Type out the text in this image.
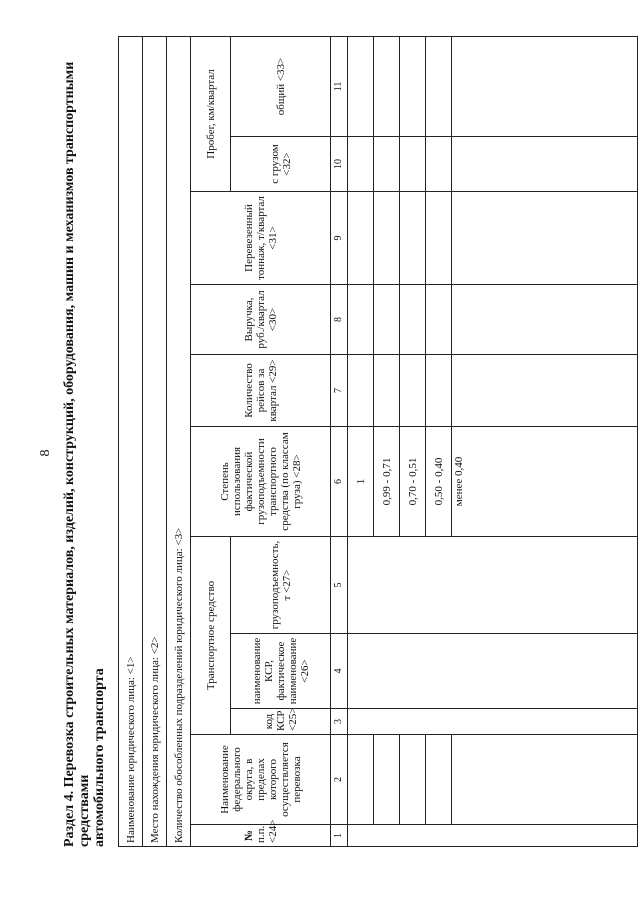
8 Раздел 4. Перевозка строительных материалов, изделий, конструкций, оборудования, машин и механизмов транспортными средствами автомобильного транспорта Наименование юридического лица: <1>										
Место нахождения юридического лица: <2>										
Количество обособленных подразделений юридического лица: <3>										

№ п.п. <24>	Наименование федерального округа, в пределах которого осуществляется перевозка	Транспортное средство			Степень использования фактической грузоподъемности транспортного средства (по классам груза) <28>	Количество рейсов за квартал <29>	Выручка, руб./квартал <30>	Перевезенный тоннаж, т/квартал <31>	Пробег, км/квартал	
		код КСР <25>	наименование КСР, фактическое наименование <26>	грузоподъемность, т <27>					с грузом <32>	общий <33>
1	2	3	4	5	6	7	8	9	10	11
					1					
					0,99 - 0,71					
					0,70 - 0,51					
					0,50 - 0,40					
					менее 0,40					
